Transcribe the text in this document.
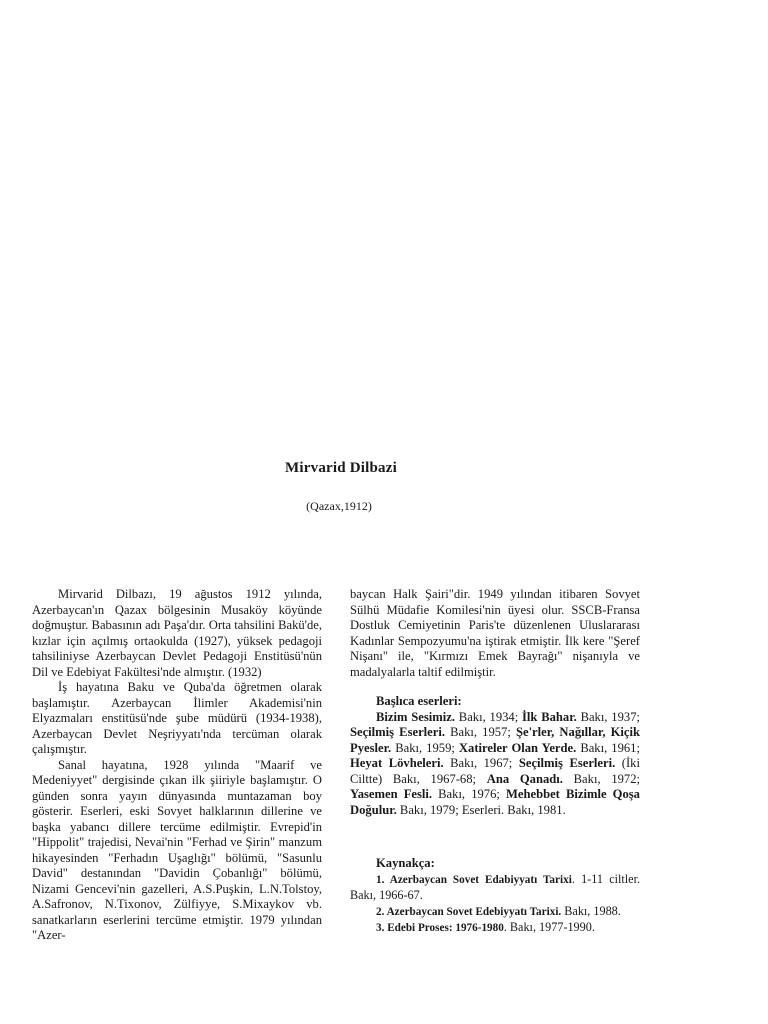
Mirvarid Dilbazi
(Qazax,1912)

Mirvarid Dilbazı, 19 ağustos 1912 yılında, Azerbaycan'ın Qazax bölgesinin Musaköy köyünde doğmuştur. Babasının adı Paşa'dır. Orta tahsilini Bakü'de, kızlar için açılmış ortaokulda (1927), yüksek pedagoji tahsiliniyse Azerbaycan Devlet Pedagoji Enstitüsü'nün Dil ve Edebiyat Fakültesi'nde almıştır. (1932)

İş hayatına Baku ve Quba'da öğretmen olarak başlamıştır. Azerbaycan İlimler Akademisi'nin Elyazmaları enstitüsü'nde şube müdürü (1934-1938), Azerbaycan Devlet Neşriyyatı'nda tercüman olarak çalışmıştır.

Sanal hayatına, 1928 yılında "Maarif ve Medeniyyet" dergisinde çıkan ilk şiiriyle başlamıştır. O günden sonra yayın dünyasında muntazaman boy gösterir. Eserleri, eski Sovyet halklarının dillerine ve başka yabancı dillere tercüme edilmiştir. Evrepid'in "Hippolit" trajedisi, Nevai'nin "Ferhad ve Şirin" manzum hikayesinden "Ferhadın Uşaglığı" bölümü, "Sasunlu David" destanından "Davidin Çobanlığı" bölümü, Nizami Gencevi'nin gazelleri, A.S.Puşkin, L.N.Tolstoy, A.Safronov, N.Tixonov, Zülfiyye, S.Mixaykov vb. sanatkarların eserlerini tercüme etmiştir. 1979 yılından "Azer-

baycan Halk Şairi"dir. 1949 yılından itibaren Sovyet Sülhü Müdafie Komilesi'nin üyesi olur. SSCB-Fransa Dostluk Cemiyetinin Paris'te düzenlenen Uluslararası Kadınlar Sempozyumu'na iştirak etmiştir. İlk kere "Şeref Nişanı" ile, "Kırmızı Emek Bayrağı" nişanıyla ve madalyalarla taltif edilmiştir.

Başlıca eserleri:

Bizim Sesimiz. Bakı, 1934; İlk Bahar. Bakı, 1937; Seçilmiş Eserleri. Bakı, 1957; Şe'rler, Nağıllar, Kiçik Pyesler. Bakı, 1959; Xatireler Olan Yerde. Bakı, 1961; Heyat Lövheleri. Bakı, 1967; Seçilmiş Eserleri. (İki Ciltte) Bakı, 1967-68; Ana Qanadı. Bakı, 1972; Yasemen Fesli. Bakı, 1976; Mehebbet Bizimle Qoşa Doğulur. Bakı, 1979; Eserleri. Bakı, 1981.

Kaynakça:

1. Azerbaycan Sovet Edabiyyatı Tarixi. 1-11 ciltler. Bakı, 1966-67.

2. Azerbaycan Sovet Edebiyyatı Tarixi. Bakı, 1988.

3. Edebi Proses: 1976-1980. Bakı, 1977-1990.
